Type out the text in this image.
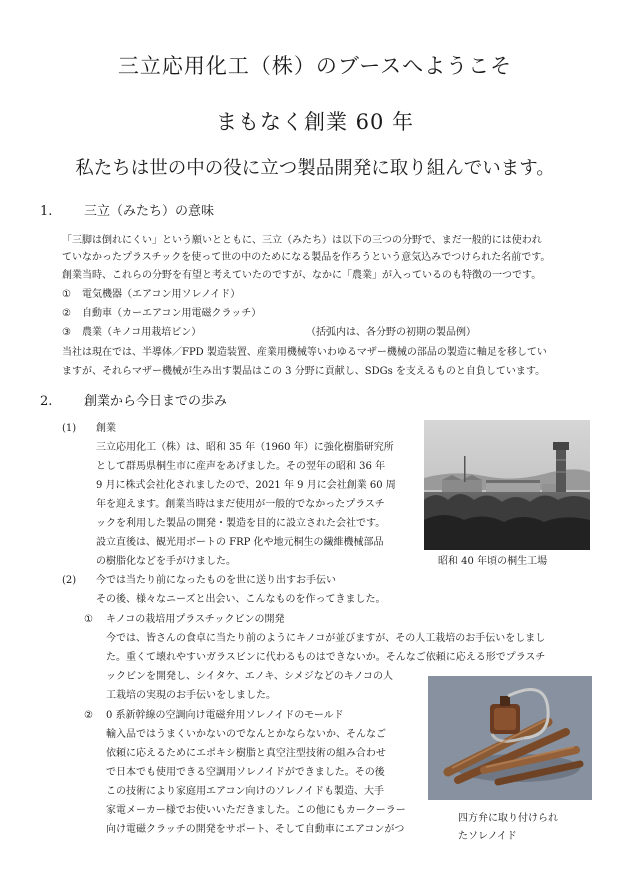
三立応用化工（株）のブースへようこそ
まもなく創業 60 年
私たちは世の中の役に立つ製品開発に取り組んでいます。
1. 三立（みたち）の意味
「三脚は倒れにくい」という願いとともに、三立（みたち）は以下の三つの分野で、まだ一般的には使われ
ていなかったプラスチックを使って世の中のためになる製品を作ろうという意気込みでつけられた名前です。
創業当時、これらの分野を有望と考えていたのですが、なかに「農業」が入っているのも特徴の一つです。
① 電気機器（エアコン用ソレノイド）
② 自動車（カーエアコン用電磁クラッチ）
③ 農業（キノコ用栽培ビン）	（括弧内は、各分野の初期の製品例）
当社は現在では、半導体／FPD 製造装置、産業用機械等いわゆるマザー機械の部品の製造に軸足を移してい
ますが、それらマザー機械が生み出す製品はこの 3 分野に貢献し、SDGs を支えるものと自負しています。
2. 創業から今日までの歩み
(1) 創業
三立応用化工（株）は、昭和 35 年（1960 年）に強化樹脂研究所
として群馬県桐生市に産声をあげました。その翌年の昭和 36 年
9 月に株式会社化されましたので、2021 年 9 月に会社創業 60 周
年を迎えます。創業当時はまだ使用が一般的でなかったプラスチ
ックを利用した製品の開発・製造を目的に設立された会社です。
設立直後は、観光用ボートの FRP 化や地元桐生の繊維機械部品
の樹脂化などを手がけました。	昭和 40 年頃の桐生工場
(2) 今では当たり前になったものを世に送り出すお手伝い
その後、様々なニーズと出会い、こんなものを作ってきました。
① キノコの栽培用プラスチックビンの開発
今では、皆さんの食卓に当たり前のようにキノコが並びますが、その人工栽培のお手伝いをしまし
た。重くて壊れやすいガラスビンに代わるものはできないか。そんなご依頼に応える形でプラスチ
ックビンを開発し、シイタケ、エノキ、シメジなどのキノコの人
工栽培の実現のお手伝いをしました。
② 0 系新幹線の空調向け電磁弁用ソレノイドのモールド
輸入品ではうまくいかないのでなんとかならないか、そんなご
依頼に応えるためにエポキシ樹脂と真空注型技術の組み合わせ
で日本でも使用できる空調用ソレノイドができました。その後
この技術により家庭用エアコン向けのソレノイドも製造、大手
家電メーカー様でお使いいただきました。この他にもカークーラー
向け電磁クラッチの開発をサポート、そして自動車にエアコンがつ
四方弁に取り付けられ
たソレノイド
